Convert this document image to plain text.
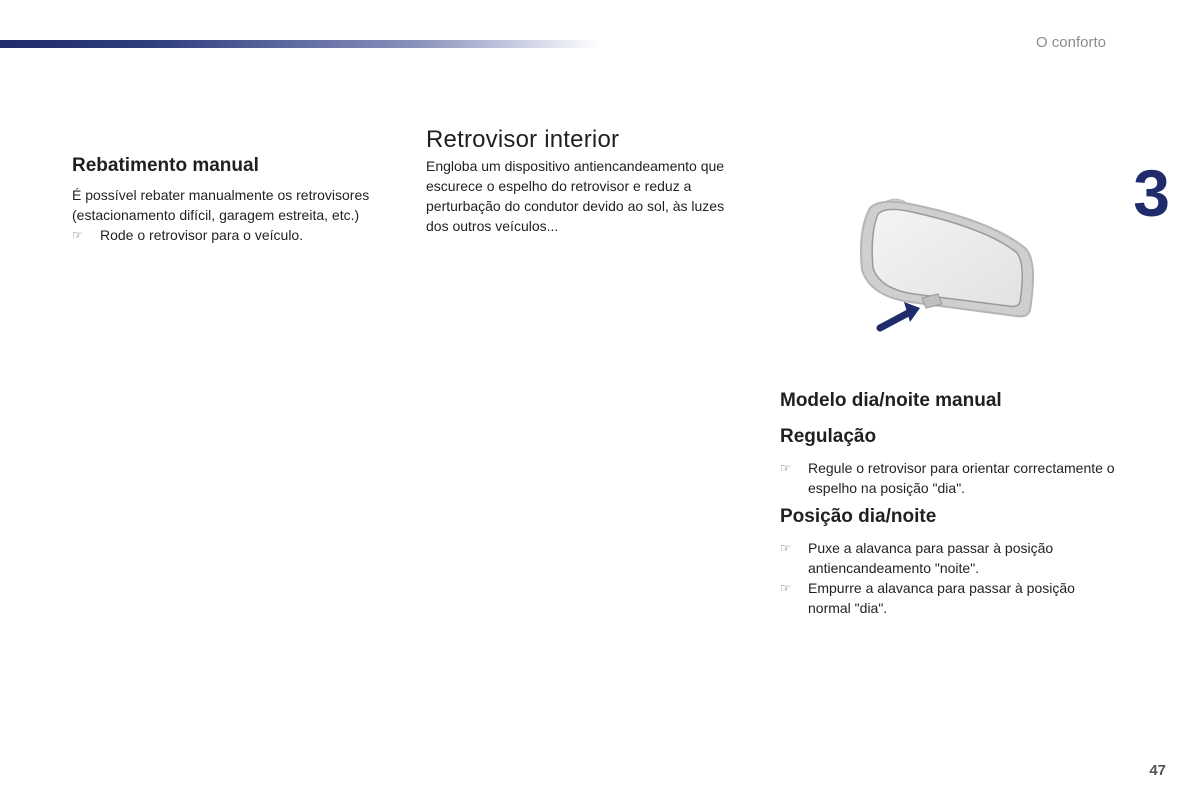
O conforto
3
Rebatimento manual

É possível rebater manualmente os retrovisores (estacionamento difícil, garagem estreita, etc.)

☞ Rode o retrovisor para o veículo.
Retrovisor interior

Engloba um dispositivo antiencandeamento que escurece o espelho do retrovisor e reduz a perturbação do condutor devido ao sol, às luzes dos outros veículos...

Modelo dia/noite manual
Regulação
☞ Regule o retrovisor para orientar correctamente o espelho na posição "dia".
Posição dia/noite
☞ Puxe a alavanca para passar à posição antiencandeamento "noite".
☞ Empurre a alavanca para passar à posição normal "dia".
47
